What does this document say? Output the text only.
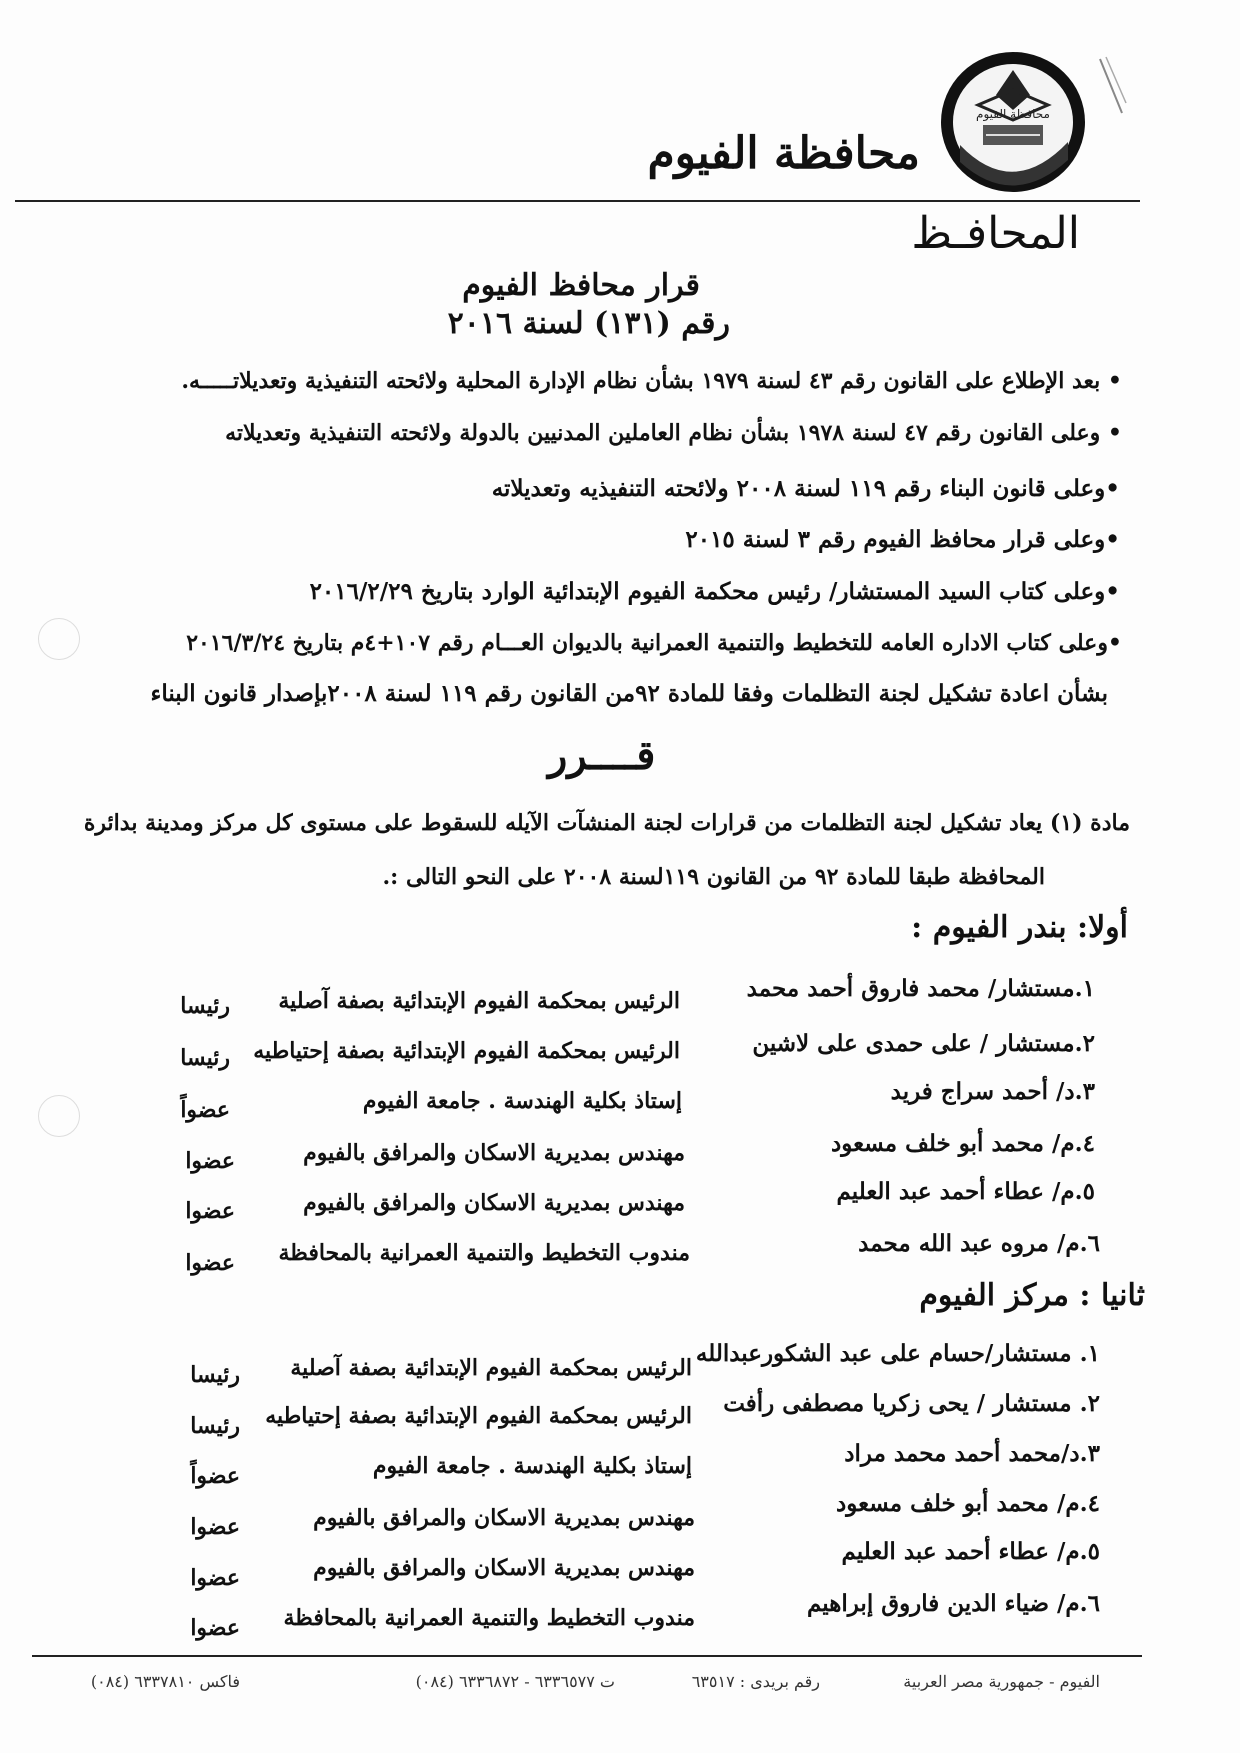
محافظة الفيوم
محافظة الفيوم
المحافـظ
قرار محافظ الفيوم
رقم (١٣١) لسنة ٢٠١٦
• بعد الإطلاع على القانون رقم ٤٣ لسنة ١٩٧٩ بشأن نظام الإدارة المحلية ولائحته التنفيذية وتعديلاتـــــه.
• وعلى القانون رقم ٤٧ لسنة ١٩٧٨ بشأن نظام العاملين المدنيين بالدولة ولائحته التنفيذية وتعديلاته
•وعلى قانون البناء رقم ١١٩ لسنة ٢٠٠٨ ولائحته التنفيذيه وتعديلاته
•وعلى قرار محافظ الفيوم رقم ٣ لسنة ٢٠١٥
•وعلى كتاب السيد المستشار/ رئيس محكمة الفيوم الإبتدائية الوارد بتاريخ ٢٠١٦/٢/٢٩
•وعلى كتاب الاداره العامه للتخطيط والتنمية العمرانية بالديوان العـــام رقم ١٠٧+٤م بتاريخ ٢٠١٦/٣/٢٤
بشأن اعادة تشكيل لجنة التظلمات وفقا للمادة ٩٢من القانون رقم ١١٩ لسنة ٢٠٠٨بإصدار قانون البناء
قــــرر
مادة (١) يعاد تشكيل لجنة التظلمات من قرارات لجنة المنشآت الآيله للسقوط على مستوى كل مركز ومدينة بدائرة
المحافظة طبقا للمادة ٩٢ من القانون ١١٩لسنة ٢٠٠٨ على النحو التالى :.
أولا: بندر الفيوم :
١.مستشار/ محمد فاروق أحمد محمد
الرئيس بمحكمة الفيوم الإبتدائية بصفة آصلية
رئيسا
٢.مستشار / على حمدى على لاشين
الرئيس بمحكمة الفيوم الإبتدائية بصفة إحتياطيه
رئيسا
٣.د/ أحمد سراج فريد
إستاذ بكلية الهندسة . جامعة الفيوم
عضواً
٤.م/ محمد أبو خلف مسعود
مهندس بمديرية الاسكان والمرافق بالفيوم
عضوا
٥.م/ عطاء أحمد عبد العليم
مهندس بمديرية الاسكان والمرافق بالفيوم
عضوا
٦.م/ مروه عبد الله محمد
مندوب التخطيط والتنمية العمرانية بالمحافظة
عضوا
ثانيا : مركز الفيوم
١. مستشار/حسام على عبد الشكورعبدالله
الرئيس بمحكمة الفيوم الإبتدائية بصفة آصلية
رئيسا
٢. مستشار / يحى زكريا مصطفى رأفت
الرئيس بمحكمة الفيوم الإبتدائية بصفة إحتياطيه
رئيسا
٣.د/محمد أحمد محمد مراد
إستاذ بكلية الهندسة . جامعة الفيوم
عضواً
٤.م/ محمد أبو خلف مسعود
مهندس بمديرية الاسكان والمرافق بالفيوم
عضوا
٥.م/ عطاء أحمد عبد العليم
مهندس بمديرية الاسكان والمرافق بالفيوم
عضوا
٦.م/ ضياء الدين فاروق إبراهيم
مندوب التخطيط والتنمية العمرانية بالمحافظة
عضوا
الفيوم - جمهورية مصر العربية
رقم بريدى : ٦٣٥١٧
ت ٦٣٣٦٥٧٧ - ٦٣٣٦٨٧٢ (٠٨٤)
فاكس ٦٣٣٧٨١٠ (٠٨٤)
